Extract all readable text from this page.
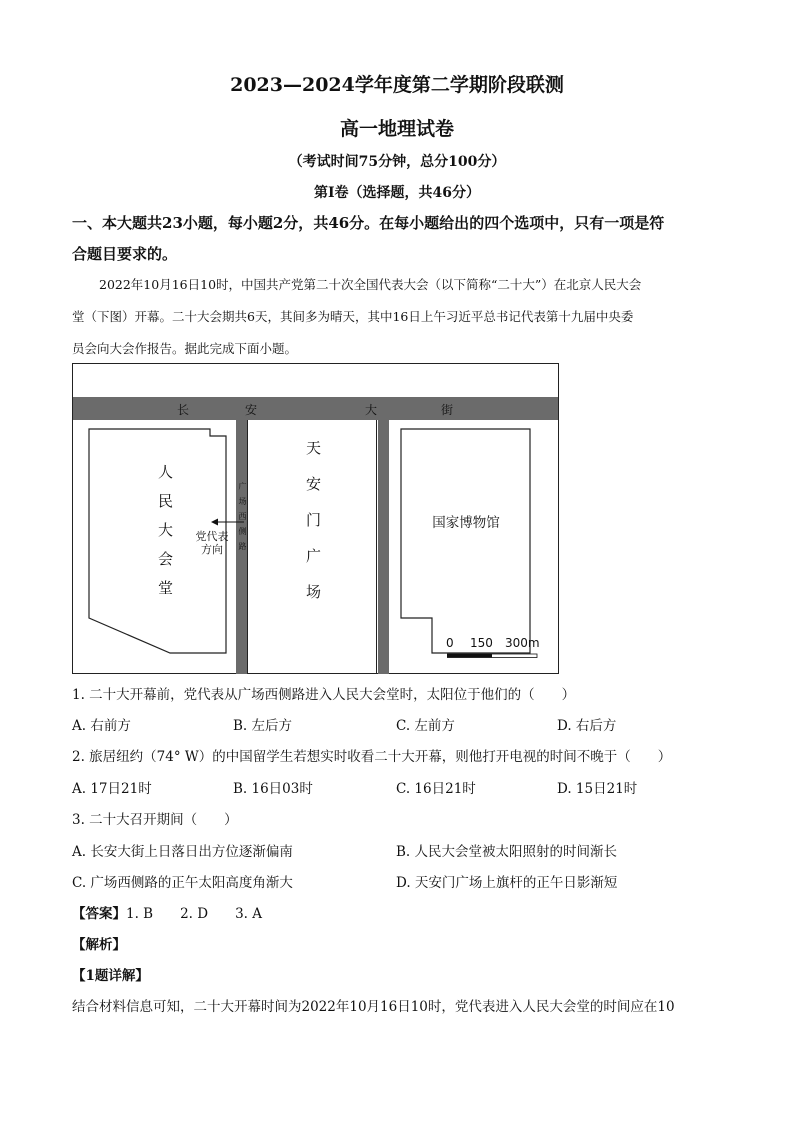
2023—2024学年度第二学期阶段联测
高一地理试卷
（考试时间75分钟，总分100分）
第Ⅰ卷（选择题，共46分）
一、本大题共23小题，每小题2分，共46分。在每小题给出的四个选项中，只有一项是符
合题目要求的。
2022年10月16日10时，中国共产党第二十次全国代表大会（以下简称“二十大”）在北京人民大会
堂（下图）开幕。二十大会期共6天，其间多为晴天，其中16日上午习近平总书记代表第十九届中央委
员会向大会作报告。据此完成下面小题。
长	安	大	街
人民大会堂	广场西侧路
党代表
方向	天安门广场	国家博物馆
0 150 300m
1. 二十大开幕前，党代表从广场西侧路进入人民大会堂时，太阳位于他们的（　　）
A. 右前方	B. 左后方	C. 左前方	D. 右后方
2. 旅居纽约（74° W）的中国留学生若想实时收看二十大开幕，则他打开电视的时间不晚于（　　）
A. 17日21时	B. 16日03时	C. 16日21时	D. 15日21时
3. 二十大召开期间（　　）
A. 长安大街上日落日出方位逐渐偏南	B. 人民大会堂被太阳照射的时间渐长
C. 广场西侧路的正午太阳高度角渐大	D. 天安门广场上旗杆的正午日影渐短
【答案】1. B　　2. D　　3. A
【解析】
【1题详解】
结合材料信息可知，二十大开幕时间为2022年10月16日10时，党代表进入人民大会堂的时间应在10
